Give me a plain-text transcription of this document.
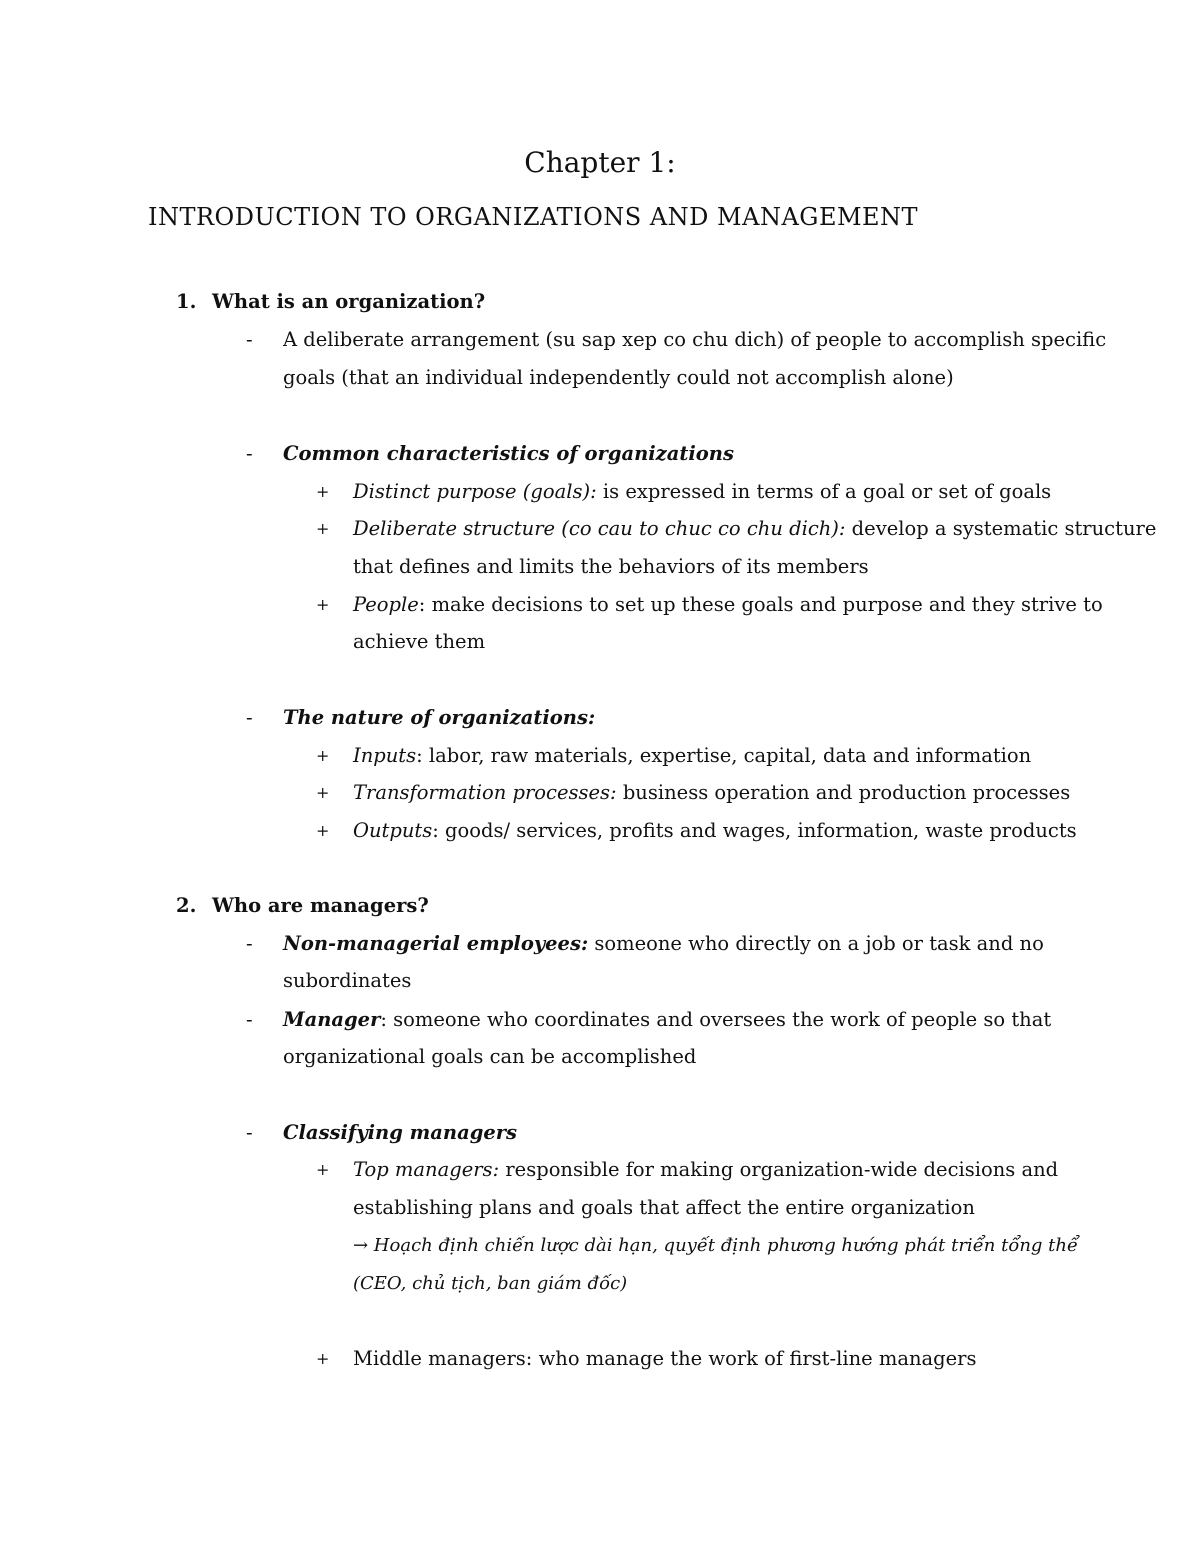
Chapter 1:
INTRODUCTION TO ORGANIZATIONS AND MANAGEMENT
1. What is an organization?
- A deliberate arrangement (su sap xep co chu dich) of people to accomplish specific
goals (that an individual independently could not accomplish alone)
- Common characteristics of organizations
+ Distinct purpose (goals): is expressed in terms of a goal or set of goals
+ Deliberate structure (co cau to chuc co chu dich): develop a systematic structure
that defines and limits the behaviors of its members
+ People: make decisions to set up these goals and purpose and they strive to
achieve them
- The nature of organizations:
+ Inputs: labor, raw materials, expertise, capital, data and information
+ Transformation processes: business operation and production processes
+ Outputs: goods/ services, profits and wages, information, waste products
2. Who are managers?
- Non-managerial employees: someone who directly on a job or task and no
subordinates
- Manager: someone who coordinates and oversees the work of people so that
organizational goals can be accomplished
- Classifying managers
+ Top managers: responsible for making organization-wide decisions and
establishing plans and goals that affect the entire organization
→ Hoạch định chiến lược dài hạn, quyết định phương hướng phát triển tổng thể
(CEO, chủ tịch, ban giám đốc)
+ Middle managers: who manage the work of first-line managers
